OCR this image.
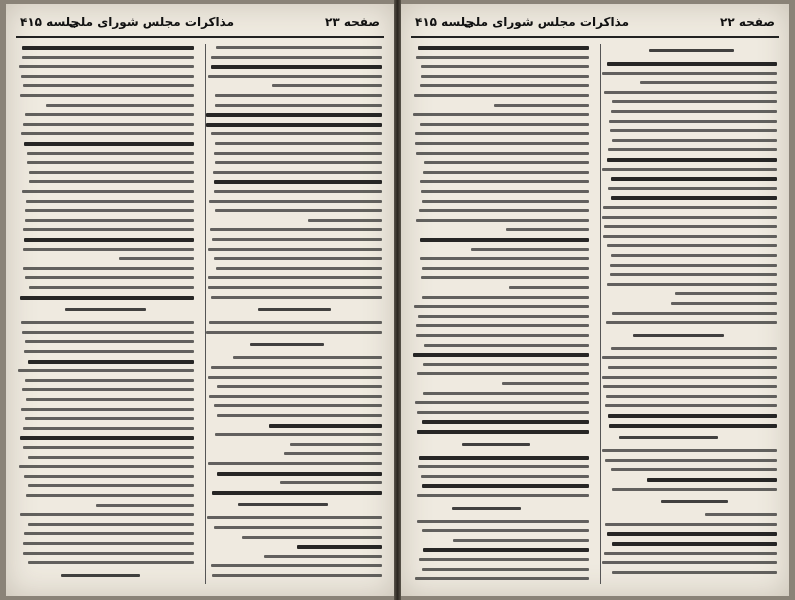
صفحه ۲۳
مذاکرات مجلس شورای ملی
جلسه ۴۱۵	صفحه ۲۲
مذاکرات مجلس شورای ملی
جلسه ۴۱۵
